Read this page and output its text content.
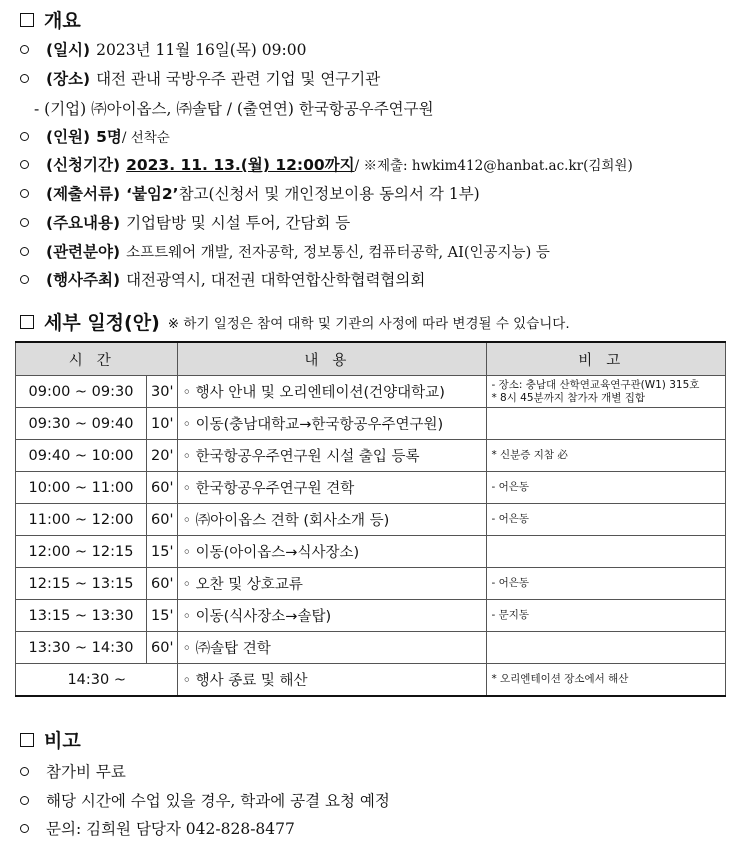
개요
(일시) 2023년 11월 16일(목) 09:00
(장소) 대전 관내 국방우주 관련 기업 및 연구기관
- (기업) ㈜아이옵스, ㈜솔탑 / (출연연) 한국항공우주연구원
(인원) 5명 / 선착순
(신청기간) 2023. 11. 13.(월) 12:00까지 / ※제출: hwkim412@hanbat.ac.kr(김희원)
(제출서류) ‘붙임2’ 참고(신청서 및 개인정보이용 동의서 각 1부)
(주요내용) 기업탐방 및 시설 투어, 간담회 등
(관련분야) 소프트웨어 개발, 전자공학, 정보통신, 컴퓨터공학, AI(인공지능) 등
(행사주최) 대전광역시, 대전권 대학연합산학협력협의회
세부 일정(안) ※ 하기 일정은 참여 대학 및 기관의 사정에 따라 변경될 수 있습니다.
시간		내용	비고
09:00 ~ 09:30	30'	◦ 행사 안내 및 오리엔테이션(건양대학교)	- 장소: 충남대 산학연교육연구관(W1) 315호
* 8시 45분까지 참가자 개별 집합

09:30 ~ 09:40	10'	◦ 이동(충남대학교→한국항공우주연구원)	

09:40 ~ 10:00	20'	◦ 한국항공우주연구원 시설 출입 등록	* 신분증 지참 必

10:00 ~ 11:00	60'	◦ 한국항공우주연구원 견학	- 어은동

11:00 ~ 12:00	60'	◦ ㈜아이옵스 견학 (회사소개 등)	- 어은동

12:00 ~ 12:15	15'	◦ 이동(아이옵스→식사장소)	

12:15 ~ 13:15	60'	◦ 오찬 및 상호교류	- 어은동

13:15 ~ 13:30	15'	◦ 이동(식사장소→솔탑)	- 문지동

13:30 ~ 14:30	60'	◦ ㈜솔탑 견학	

14:30 ~		◦ 행사 종료 및 해산	* 오리엔테이션 장소에서 해산
비고
참가비 무료
해당 시간에 수업 있을 경우, 학과에 공결 요청 예정
문의: 김희원 담당자 042-828-8477
